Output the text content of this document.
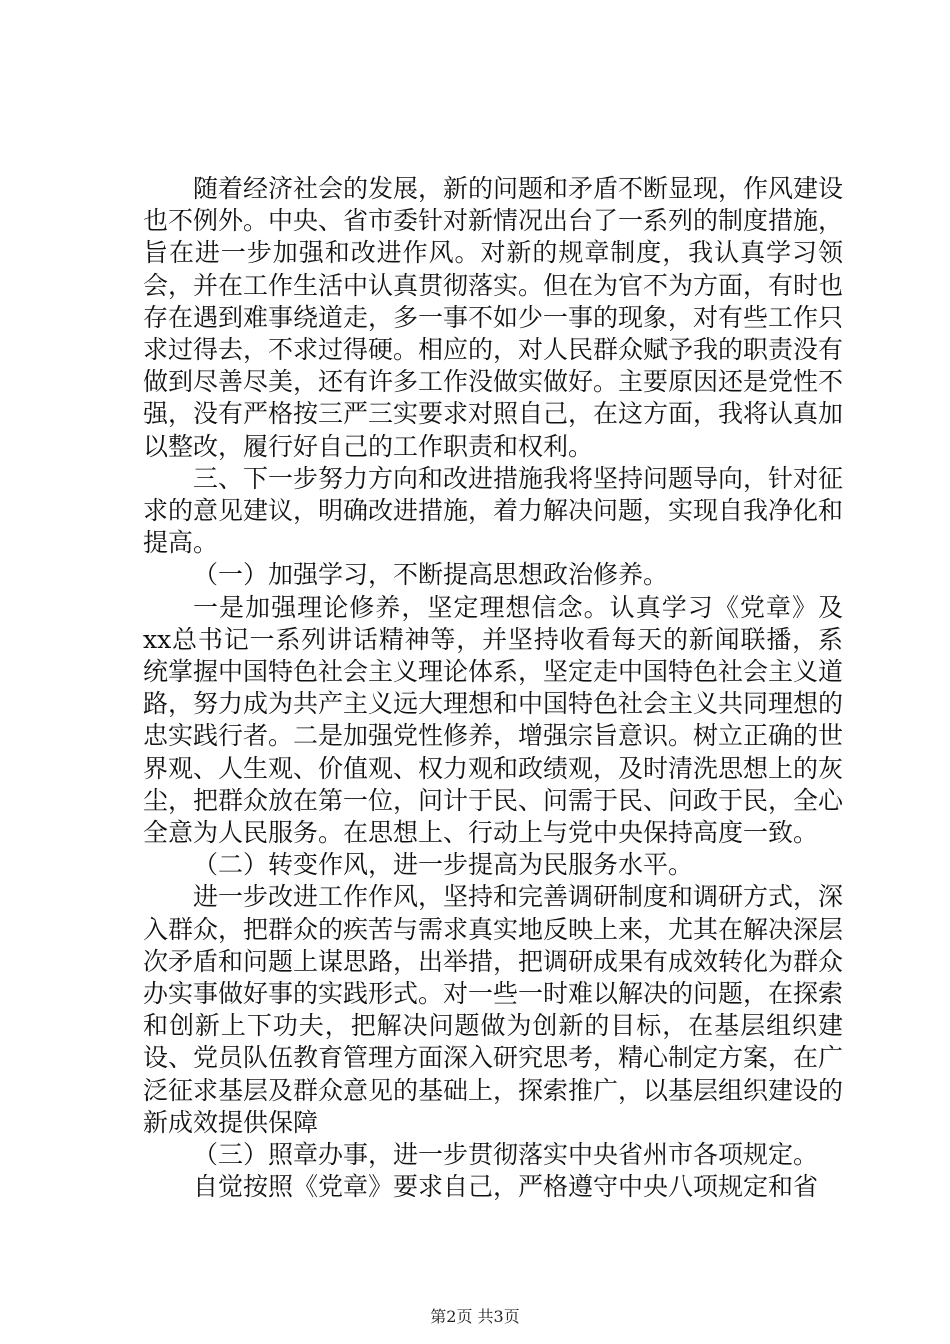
随着经济社会的发展，新的问题和矛盾不断显现，作风建设也不例外。中央、省市委针对新情况出台了一系列的制度措施，旨在进一步加强和改进作风。对新的规章制度，我认真学习领会，并在工作生活中认真贯彻落实。但在为官不为方面，有时也存在遇到难事绕道走，多一事不如少一事的现象，对有些工作只求过得去，不求过得硬。相应的，对人民群众赋予我的职责没有做到尽善尽美，还有许多工作没做实做好。主要原因还是党性不强，没有严格按三严三实要求对照自己，在这方面，我将认真加以整改，履行好自己的工作职责和权利。

三、下一步努力方向和改进措施我将坚持问题导向，针对征求的意见建议，明确改进措施，着力解决问题，实现自我净化和提高。

（一）加强学习，不断提高思想政治修养。

一是加强理论修养，坚定理想信念。认真学习《党章》及xx总书记一系列讲话精神等，并坚持收看每天的新闻联播，系统掌握中国特色社会主义理论体系，坚定走中国特色社会主义道路，努力成为共产主义远大理想和中国特色社会主义共同理想的忠实践行者。二是加强党性修养，增强宗旨意识。树立正确的世界观、人生观、价值观、权力观和政绩观，及时清洗思想上的灰尘，把群众放在第一位，问计于民、问需于民、问政于民，全心全意为人民服务。在思想上、行动上与党中央保持高度一致。

（二）转变作风，进一步提高为民服务水平。

进一步改进工作作风，坚持和完善调研制度和调研方式，深入群众，把群众的疾苦与需求真实地反映上来，尤其在解决深层次矛盾和问题上谋思路，出举措，把调研成果有成效转化为群众办实事做好事的实践形式。对一些一时难以解决的问题，在探索和创新上下功夫，把解决问题做为创新的目标，在基层组织建设、党员队伍教育管理方面深入研究思考，精心制定方案，在广泛征求基层及群众意见的基础上，探索推广，以基层组织建设的新成效提供保障

（三）照章办事，进一步贯彻落实中央省州市各项规定。

自觉按照《党章》要求自己，严格遵守中央八项规定和省

第2页 共3页
